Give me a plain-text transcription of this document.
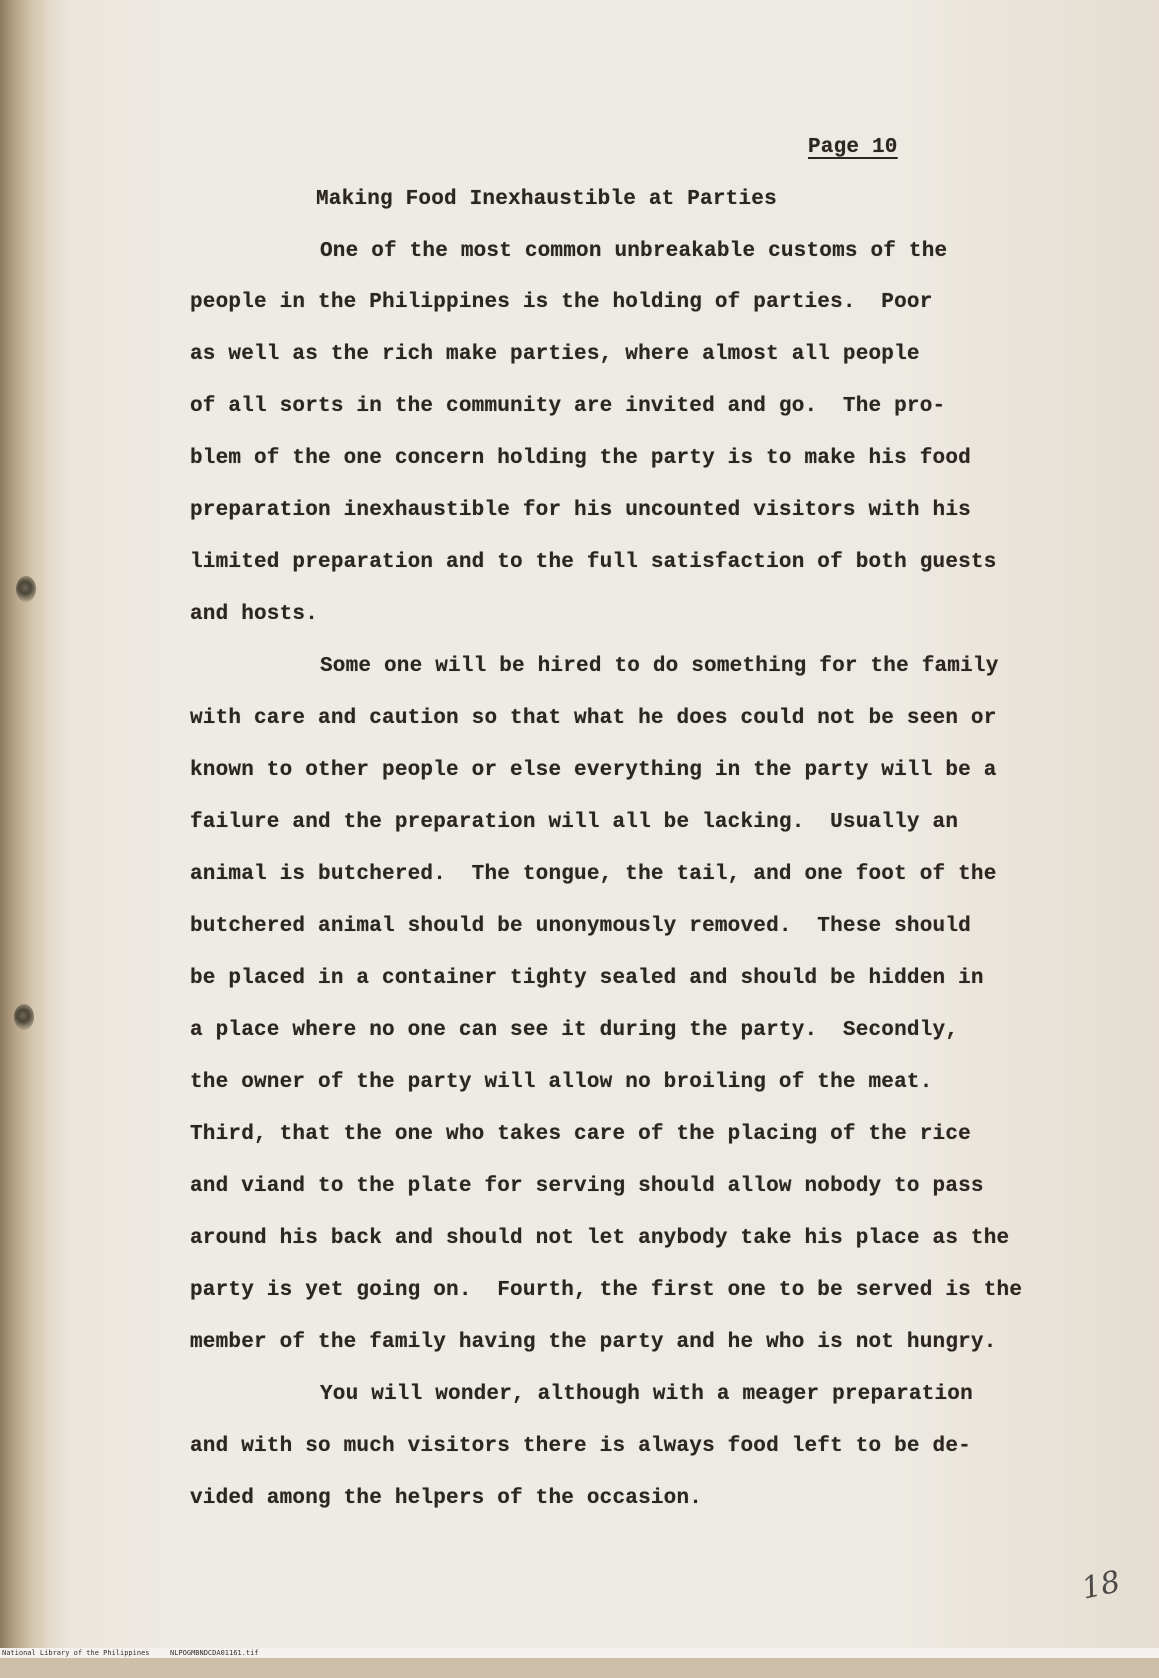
Page 10
Making Food Inexhaustible at Parties
One of the most common unbreakable customs of the
people in the Philippines is the holding of parties.  Poor
as well as the rich make parties, where almost all people
of all sorts in the community are invited and go.  The pro-
blem of the one concern holding the party is to make his food
preparation inexhaustible for his uncounted visitors with his
limited preparation and to the full satisfaction of both guests
and hosts.
Some one will be hired to do something for the family
with care and caution so that what he does could not be seen or
known to other people or else everything in the party will be a
failure and the preparation will all be lacking.  Usually an
animal is butchered.  The tongue, the tail, and one foot of the
butchered animal should be unonymously removed.  These should
be placed in a container tighty sealed and should be hidden in
a place where no one can see it during the party.  Secondly,
the owner of the party will allow no broiling of the meat.
Third, that the one who takes care of the placing of the rice
and viand to the plate for serving should allow nobody to pass
around his back and should not let anybody take his place as the
party is yet going on.  Fourth, the first one to be served is the
member of the family having the party and he who is not hungry.
You will wonder, although with a meager preparation
and with so much visitors there is always food left to be de-
vided among the helpers of the occasion.
18

National Library of the Philippines

	NLPOGMBNDCDA01161.tif
